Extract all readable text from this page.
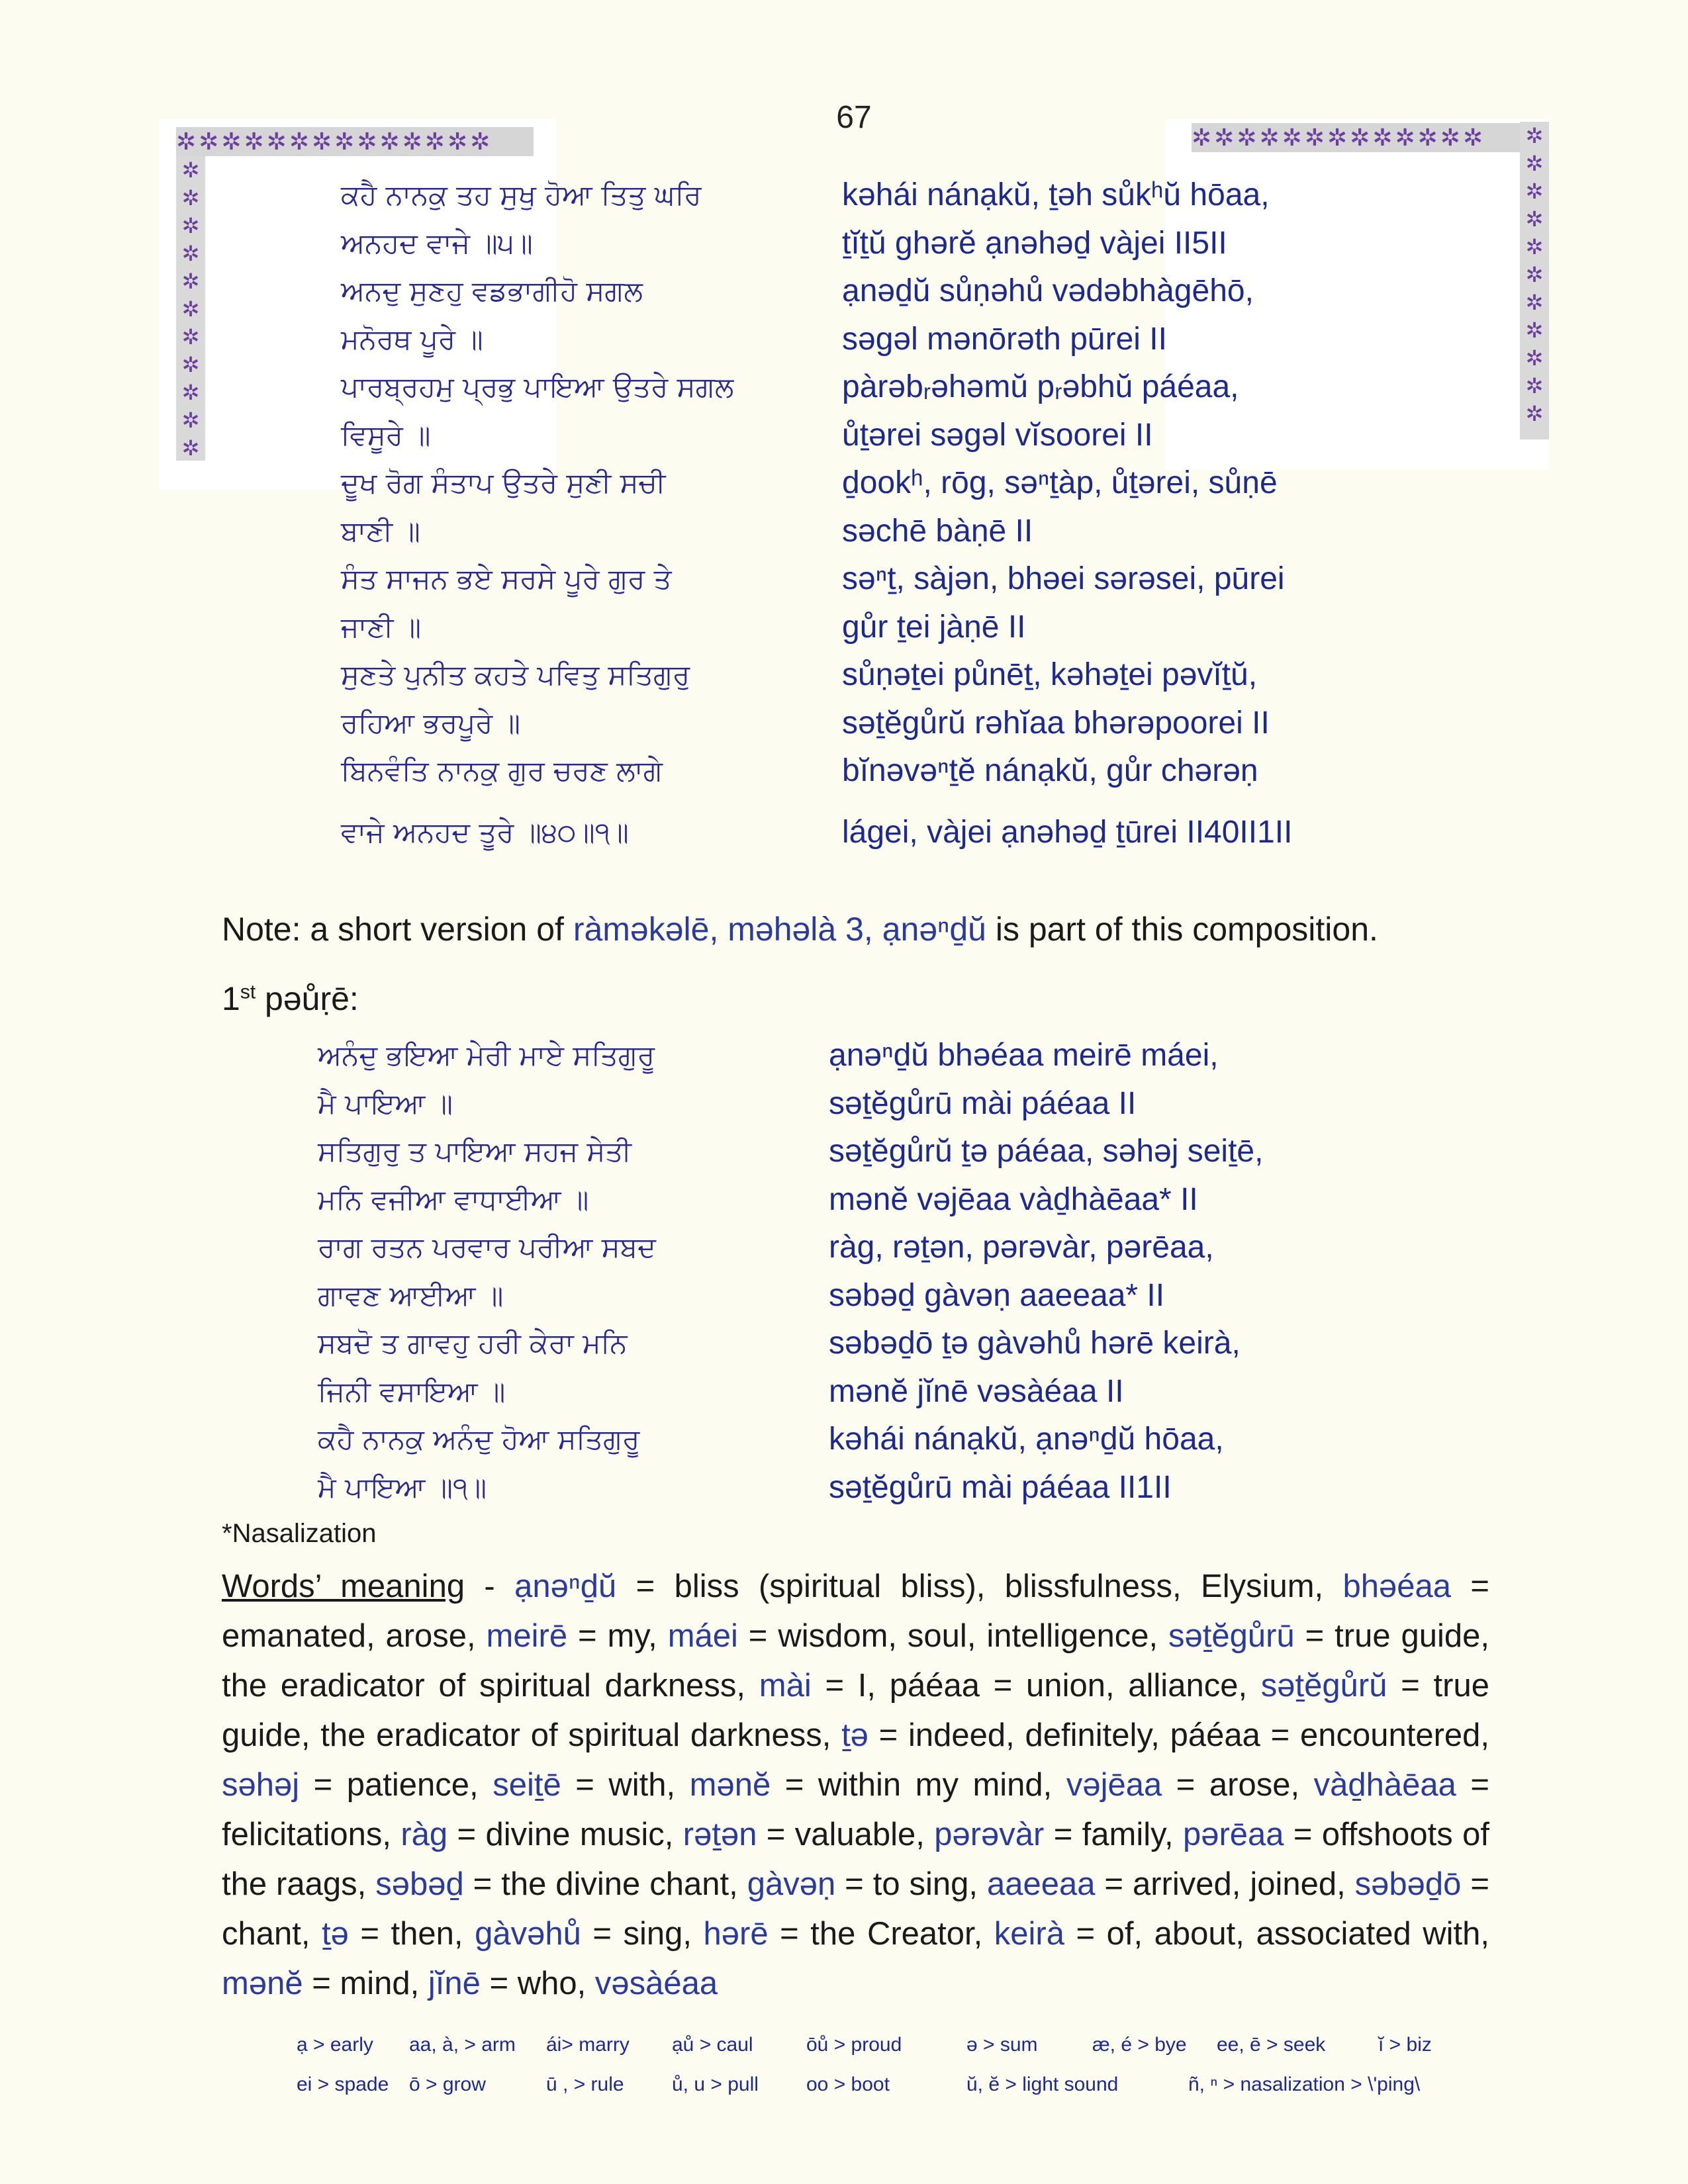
67
✲✲✲✲✲✲✲✲✲✲✲✲✲✲
✲
✲
✲
✲
✲
✲
✲
✲
✲
✲
✲
✲✲✲✲✲✲✲✲✲✲✲✲✲	✲
✲
✲
✲
✲
✲
✲
✲
✲
✲
✲
ਕਹੈ ਨਾਨਕੁ ਤਹ ਸੁਖੁ ਹੋਆ ਤਿਤੁ ਘਰਿ	kəhái nánạkŭ, ṯəh sůkʰŭ hōaa,
ਅਨਹਦ ਵਾਜੇ ॥੫॥	ṯĭṯŭ ghərĕ ạnəhəḏ vàjei II5II
ਅਨਦੁ ਸੁਣਹੁ ਵਡਭਾਗੀਹੋ ਸਗਲ	ạnəḏŭ sůṇəhů vədəbhàgēhō,
ਮਨੋਰਥ ਪੂਰੇ ॥	səgəl mənōrəth pūrei II
ਪਾਰਬ੍ਰਹਮੁ ਪ੍ਰਭੁ ਪਾਇਆ ਉਤਰੇ ਸਗਲ	pàrəbᵣəhəmŭ pᵣəbhŭ páéaa,
ਵਿਸੂਰੇ ॥	ůṯərei səgəl vĭsoorei II
ਦੂਖ ਰੋਗ ਸੰਤਾਪ ਉਤਰੇ ਸੁਣੀ ਸਚੀ	ḏookʰ, rōg, səⁿṯàp, ůṯərei, sůṇē
ਬਾਣੀ ॥	səchē bàṇē II
ਸੰਤ ਸਾਜਨ ਭਏ ਸਰਸੇ ਪੂਰੇ ਗੁਰ ਤੇ	səⁿṯ, sàjən, bhəei sərəsei, pūrei
ਜਾਣੀ ॥	gůr ṯei jàṇē II
ਸੁਣਤੇ ਪੁਨੀਤ ਕਹਤੇ ਪਵਿਤੁ ਸਤਿਗੁਰੁ	sůṇəṯei půnēṯ, kəhəṯei pəvĭṯŭ,
ਰਹਿਆ ਭਰਪੂਰੇ ॥	səṯĕgůrŭ rəhĭaa bhərəpoorei II
ਬਿਨਵੰਤਿ ਨਾਨਕੁ ਗੁਰ ਚਰਣ ਲਾਗੇ	bĭnəvəⁿṯĕ nánạkŭ, gůr chərəṇ
ਵਾਜੇ ਅਨਹਦ ਤੂਰੇ ॥੪੦॥੧॥	lágei, vàjei ạnəhəḏ ṯūrei II40II1II
Note: a short version of ràməkəlē, məhəlà 3, ạnəⁿḏŭ is part of this composition.
1st pəůṛē:
ਅਨੰਦੁ ਭਇਆ ਮੇਰੀ ਮਾਏ ਸਤਿਗੁਰੂ	ạnəⁿḏŭ bhəéaa meirē máei,
ਮੈ ਪਾਇਆ ॥	səṯĕgůrū mài páéaa II
ਸਤਿਗੁਰੁ ਤ ਪਾਇਆ ਸਹਜ ਸੇਤੀ	səṯĕgůrŭ ṯə páéaa, səhəj seiṯē,
ਮਨਿ ਵਜੀਆ ਵਾਧਾਈਆ ॥	mənĕ vəjēaa vàḏhàēaa* II
ਰਾਗ ਰਤਨ ਪਰਵਾਰ ਪਰੀਆ ਸਬਦ	ràg, rəṯən, pərəvàr, pərēaa,
ਗਾਵਣ ਆਈਆ ॥	səbəḏ gàvəṇ aaeeaa* II
ਸਬਦੋ ਤ ਗਾਵਹੁ ਹਰੀ ਕੇਰਾ ਮਨਿ	səbəḏō ṯə gàvəhů hərē keirà,
ਜਿਨੀ ਵਸਾਇਆ ॥	mənĕ jĭnē vəsàéaa II
ਕਹੈ ਨਾਨਕੁ ਅਨੰਦੁ ਹੋਆ ਸਤਿਗੁਰੂ	kəhái nánạkŭ, ạnəⁿḏŭ hōaa,
ਮੈ ਪਾਇਆ ॥੧॥	səṯĕgůrū mài páéaa II1II
*Nasalization
Words’ meaning - ạnəⁿḏŭ = bliss (spiritual bliss), blissfulness, Elysium, bhəéaa = emanated, arose, meirē = my, máei = wisdom, soul, intelligence, səṯĕgůrū = true guide, the eradicator of spiritual darkness, mài = I, páéaa = union, alliance, səṯĕgůrŭ = true guide, the eradicator of spiritual darkness, ṯə = indeed, definitely, páéaa = encountered, səhəj = patience, seiṯē = with, mənĕ = within my mind, vəjēaa = arose, vàḏhàēaa = felicitations, ràg = divine music, rəṯən = valuable, pərəvàr = family, pərēaa = offshoots of the raags, səbəḏ = the divine chant, gàvəṇ = to sing, aaeeaa = arrived, joined, səbəḏō = chant, ṯə = then, gàvəhů = sing, hərē = the Creator, keirà = of, about, associated with, mənĕ = mind, jĭnē = who, vəsàéaa
ạ > early aa, à, > arm ái> marry ạů > caul	ōů > proud	ə > sum	æ, é > bye ee, ē > seek	ĭ > biz
ei > spade ō > grow	ū , > rule ů, u > pull oo > boot	ŭ, ĕ > light sound	ñ, ⁿ > nasalization > \'ping\
